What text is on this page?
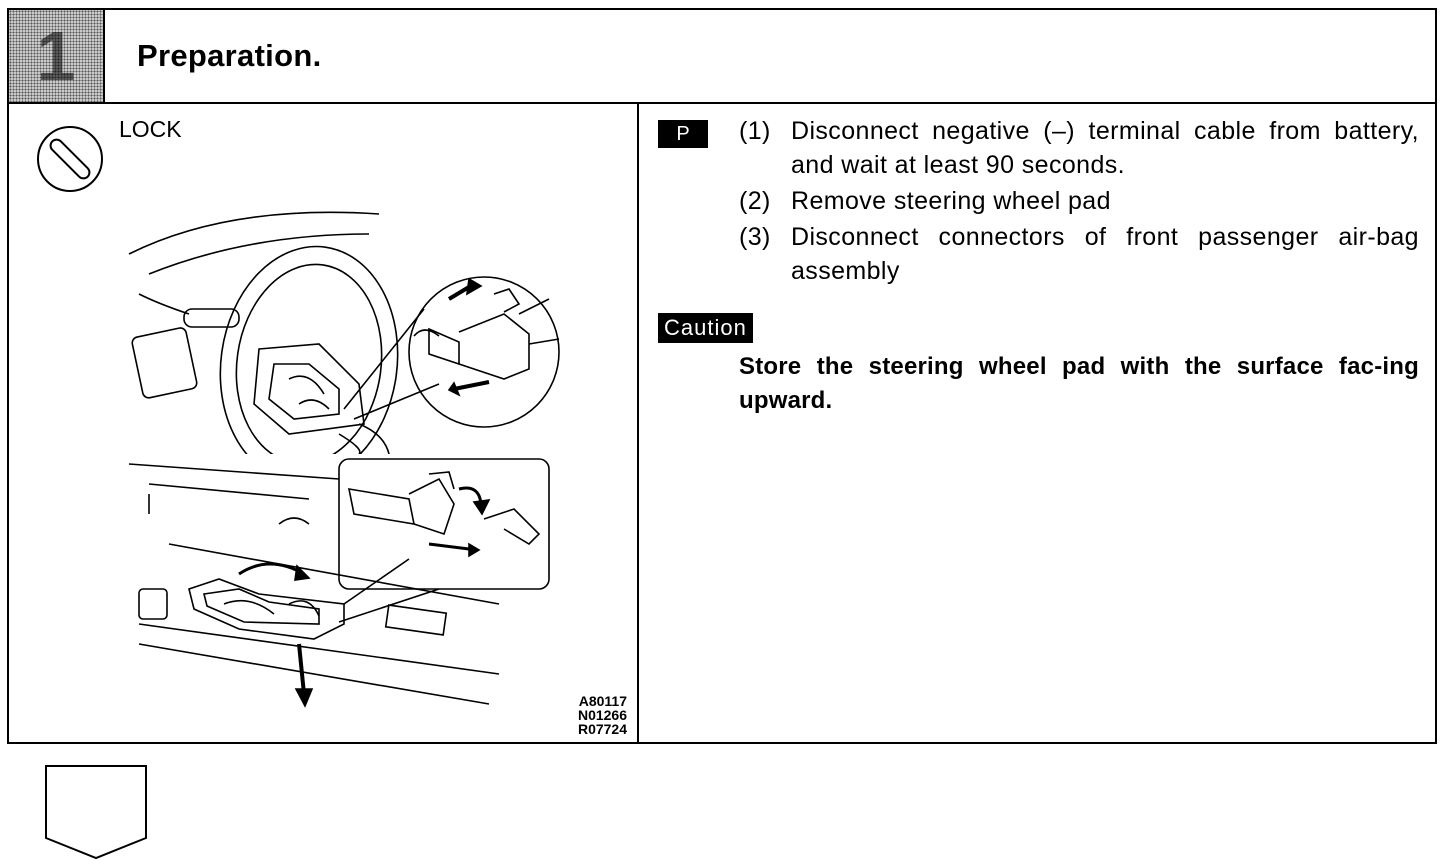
1	Preparation.
LOCK
A80117
N01266
R07724
P	(1) Disconnect negative (–) terminal cable from battery, and wait at least 90 seconds.
(2) Remove steering wheel pad
(3) Disconnect connectors of front passenger air-bag assembly
Caution
Store the steering wheel pad with the surface fac-ing upward.
